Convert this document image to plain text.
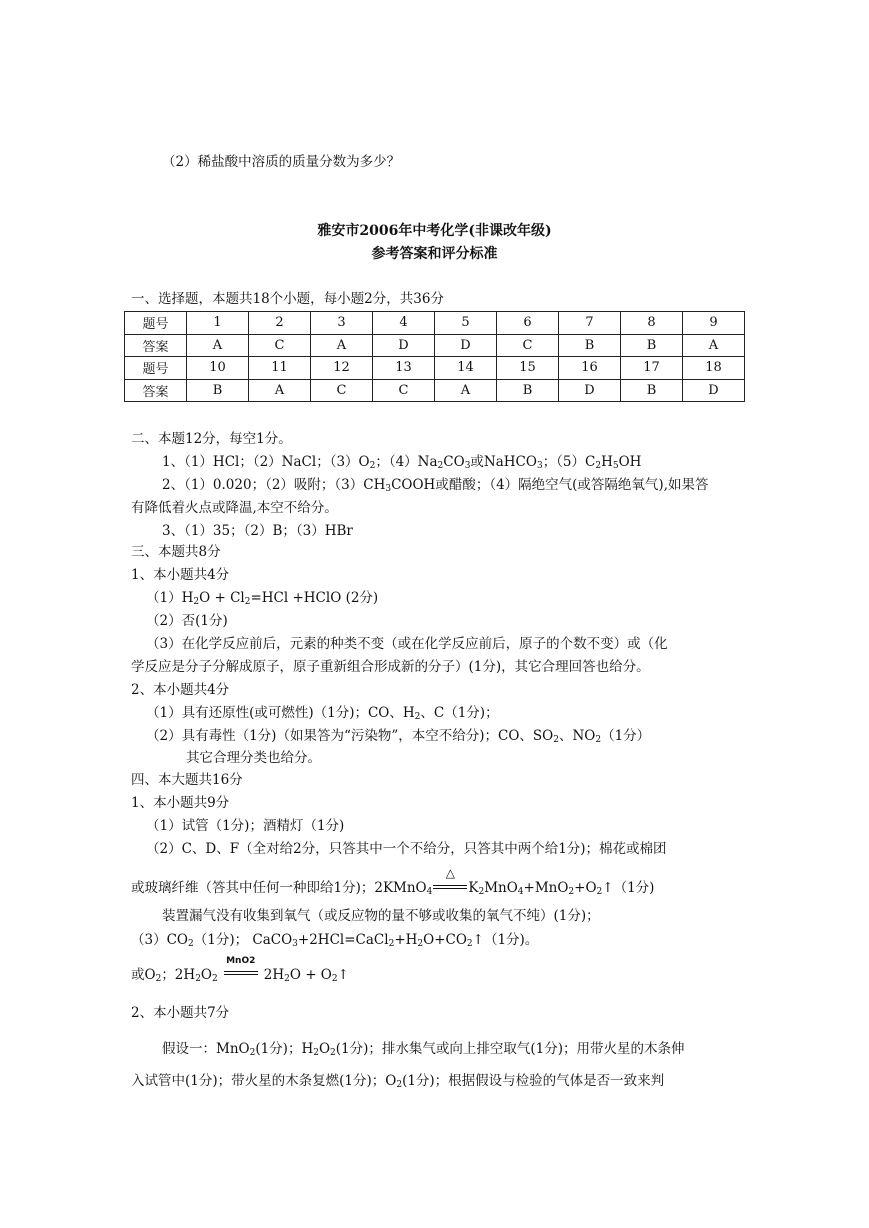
（2）稀盐酸中溶质的质量分数为多少？
雅安市2006年中考化学(非课改年级)
参考答案和评分标准
一、选择题，本题共18个小题，每小题2分，共36分
题号	1	2	3	4	5	6	7	8	9
答案	A	C	A	D	D	C	B	B	A
题号	10	11	12	13	14	15	16	17	18
答案	B	A	C	C	A	B	D	B	D
二、本题12分，每空1分。
1、（1）HCl；（2）NaCl；$(3)O_2$；$(4)Na_2CO_3$或NaHCO$_3$；$(5)C_2H_5OH$
2、（1）0.020；（2）吸附；$(3)CH_3COOH$或醋酸；（4）隔绝空气(或答隔绝氧气),如果答
有降低着火点或降温,本空不给分。
3、（1）35；（2）B；（3）HBr
三、本题共8分
1、本小题共4分
$(1)H_2O + Cl_2=HCl$ +HClO (2分)
（2）否(1分)
（3）在化学反应前后，元素的种类不变（或在化学反应前后，原子的个数不变）或（化
学反应是分子分解成原子，原子重新组合形成新的分子）(1分)，其它合理回答也给分。
2、本小题共4分
（1）具有还原性(或可燃性)（1分)；CO、$H_2$、C（1分)；
（2）具有毒性（1分)（如果答为“污染物”，本空不给分)；CO、$SO_2$、$NO_2(1$分）
其它合理分类也给分。
四、本大题共16分
1、本小题共9分
（1）试管（1分)；酒精灯（1分)
（2）C、D、F（全对给2分，只答其中一个不给分，只答其中两个给1分)；棉花或棉团
或玻璃纤维（答其中任何一种即给1分)；2KMnO$_4$
△
$K_2MnO_4+MnO_2+O_2↑(1$分)
装置漏气没有收集到氧气（或反应物的量不够或收集的氧气不纯）(1分)；
$(3)CO_2(1$分)； $CaCO_3+2HCl=CaCl_2+H_2O+CO_2↑(1$分)。
或$O_2$；$2H_2O_2$
MnO2
$2H_2O$ + $O_2↑$
2、本小题共7分
假设一：MnO$_2$(1分)；$H_2O_2(1$分)；排水集气或向上排空取气(1分)；用带火星的木条伸
入试管中(1分)；带火星的木条复燃(1分)；$O_2(1$分)；根据假设与检验的气体是否一致来判
